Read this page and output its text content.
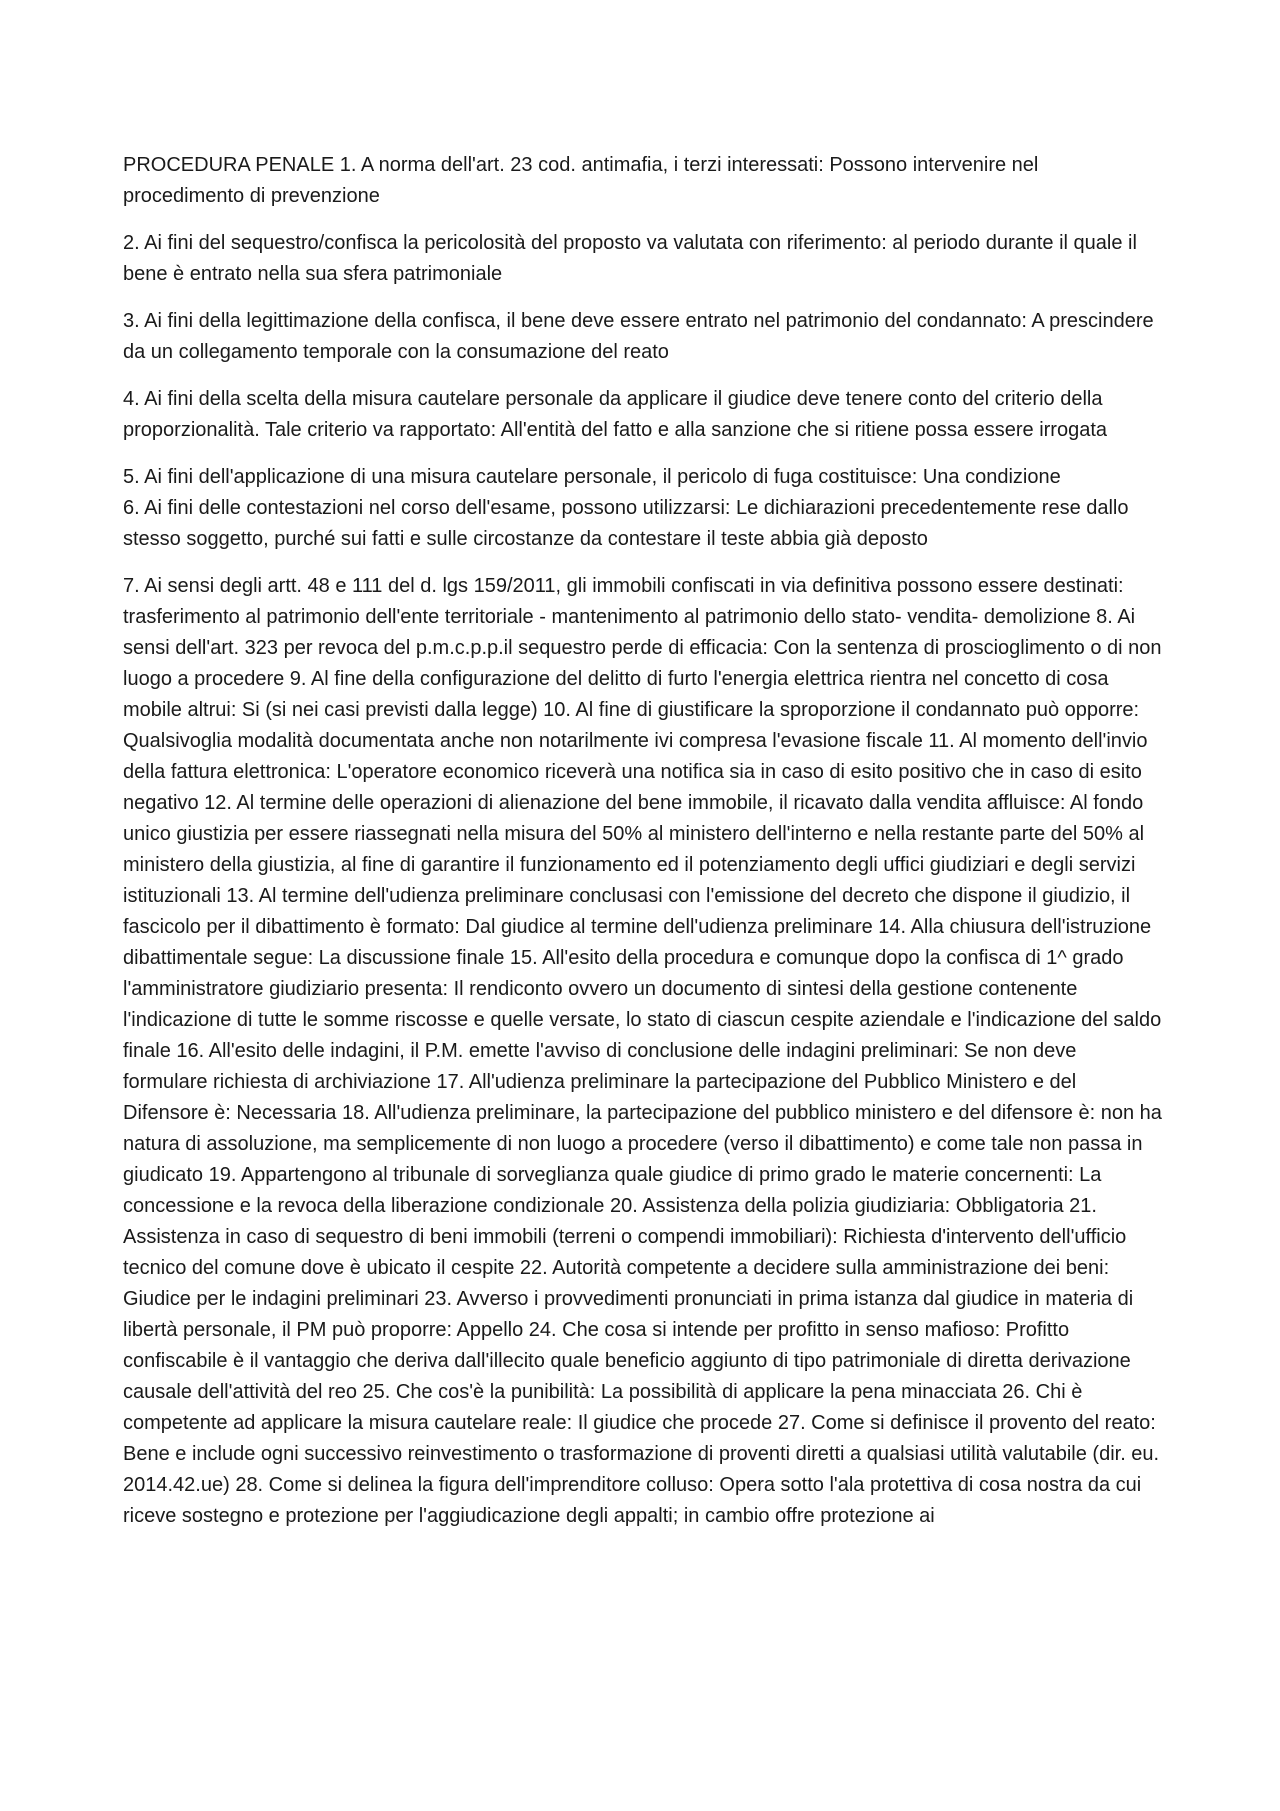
PROCEDURA PENALE 1. A norma dell'art. 23 cod. antimafia, i terzi interessati: Possono intervenire nel procedimento di prevenzione

2. Ai fini del sequestro/confisca la pericolosità del proposto va valutata con riferimento: al periodo durante il quale il bene è entrato nella sua sfera patrimoniale

3. Ai fini della legittimazione della confisca, il bene deve essere entrato nel patrimonio del condannato: A prescindere da un collegamento temporale con la consumazione del reato

4. Ai fini della scelta della misura cautelare personale da applicare il giudice deve tenere conto del criterio della proporzionalità. Tale criterio va rapportato: All'entità del fatto e alla sanzione che si ritiene possa essere irrogata

5. Ai fini dell'applicazione di una misura cautelare personale, il pericolo di fuga costituisce: Una condizione

6. Ai fini delle contestazioni nel corso dell'esame, possono utilizzarsi: Le dichiarazioni precedentemente rese dallo stesso soggetto, purché sui fatti e sulle circostanze da contestare il teste abbia già deposto

7. Ai sensi degli artt. 48 e 111 del d. lgs 159/2011, gli immobili confiscati in via definitiva possono essere destinati: trasferimento al patrimonio dell'ente territoriale - mantenimento al patrimonio dello stato- vendita- demolizione 8. Ai sensi dell'art. 323 per revoca del p.m.c.p.p.il sequestro perde di efficacia: Con la sentenza di proscioglimento o di non luogo a procedere 9. Al fine della configurazione del delitto di furto l'energia elettrica rientra nel concetto di cosa mobile altrui: Si (si nei casi previsti dalla legge) 10. Al fine di giustificare la sproporzione il condannato può opporre: Qualsivoglia modalità documentata anche non notarilmente ivi compresa l'evasione fiscale 11. Al momento dell'invio della fattura elettronica: L'operatore economico riceverà una notifica sia in caso di esito positivo che in caso di esito negativo 12. Al termine delle operazioni di alienazione del bene immobile, il ricavato dalla vendita affluisce: Al fondo unico giustizia per essere riassegnati nella misura del 50% al ministero dell'interno e nella restante parte del 50% al ministero della giustizia, al fine di garantire il funzionamento ed il potenziamento degli uffici giudiziari e degli servizi istituzionali 13. Al termine dell'udienza preliminare conclusasi con l'emissione del decreto che dispone il giudizio, il fascicolo per il dibattimento è formato: Dal giudice al termine dell'udienza preliminare 14. Alla chiusura dell'istruzione dibattimentale segue: La discussione finale 15. All'esito della procedura e comunque dopo la confisca di 1^ grado l'amministratore giudiziario presenta: Il rendiconto ovvero un documento di sintesi della gestione contenente l'indicazione di tutte le somme riscosse e quelle versate, lo stato di ciascun cespite aziendale e l'indicazione del saldo finale 16. All'esito delle indagini, il P.M. emette l'avviso di conclusione delle indagini preliminari: Se non deve formulare richiesta di archiviazione 17. All'udienza preliminare la partecipazione del Pubblico Ministero e del Difensore è: Necessaria 18. All'udienza preliminare, la partecipazione del pubblico ministero e del difensore è: non ha natura di assoluzione, ma semplicemente di non luogo a procedere (verso il dibattimento) e come tale non passa in giudicato 19. Appartengono al tribunale di sorveglianza quale giudice di primo grado le materie concernenti: La concessione e la revoca della liberazione condizionale 20. Assistenza della polizia giudiziaria: Obbligatoria 21. Assistenza in caso di sequestro di beni immobili (terreni o compendi immobiliari): Richiesta d'intervento dell'ufficio tecnico del comune dove è ubicato il cespite 22. Autorità competente a decidere sulla amministrazione dei beni: Giudice per le indagini preliminari 23. Avverso i provvedimenti pronunciati in prima istanza dal giudice in materia di libertà personale, il PM può proporre: Appello 24. Che cosa si intende per profitto in senso mafioso: Profitto confiscabile è il vantaggio che deriva dall'illecito quale beneficio aggiunto di tipo patrimoniale di diretta derivazione causale dell'attività del reo 25. Che cos'è la punibilità: La possibilità di applicare la pena minacciata 26. Chi è competente ad applicare la misura cautelare reale: Il giudice che procede 27. Come si definisce il provento del reato: Bene e include ogni successivo reinvestimento o trasformazione di proventi diretti a qualsiasi utilità valutabile (dir. eu. 2014.42.ue) 28. Come si delinea la figura dell'imprenditore colluso: Opera sotto l'ala protettiva di cosa nostra da cui riceve sostegno e protezione per l'aggiudicazione degli appalti; in cambio offre protezione ai
